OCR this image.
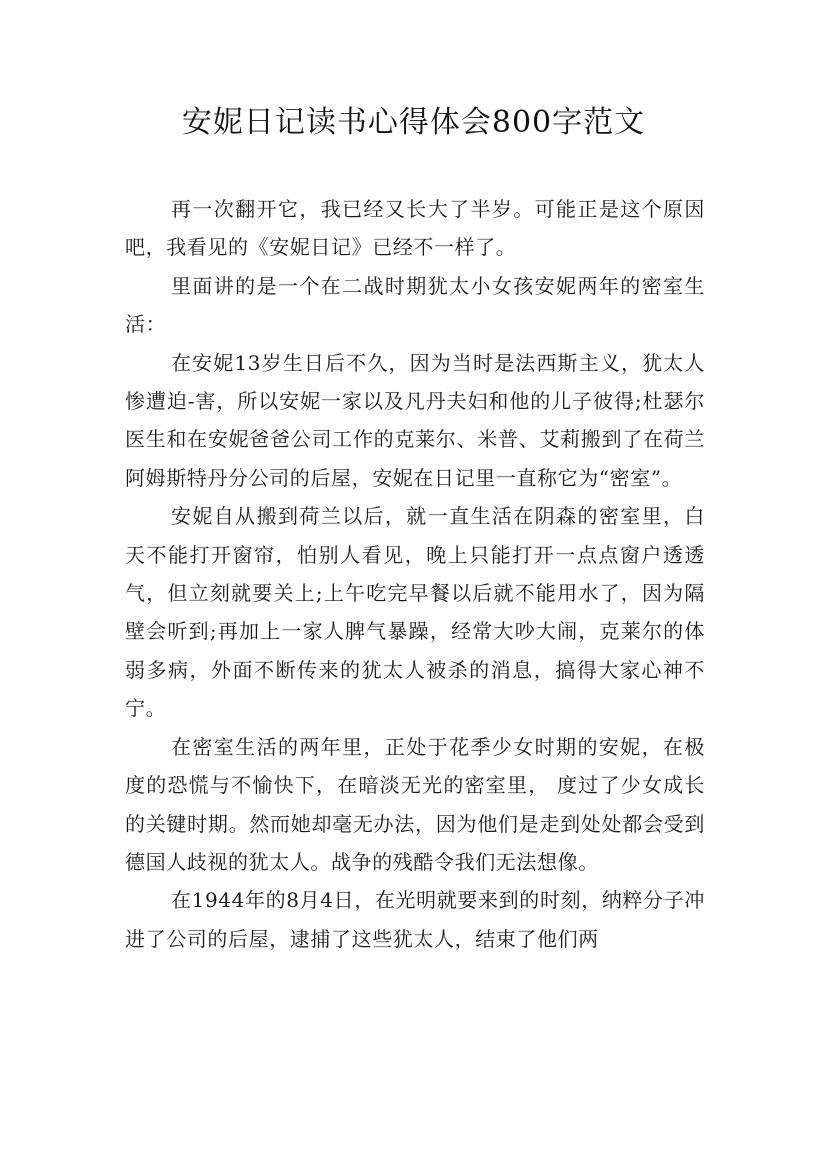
安妮日记读书心得体会800字范文

再一次翻开它，我已经又长大了半岁。可能正是这个原因吧，我看见的《安妮日记》已经不一样了。

里面讲的是一个在二战时期犹太小女孩安妮两年的密室生活：

在安妮13岁生日后不久，因为当时是法西斯主义，犹太人惨遭迫-害，所以安妮一家以及凡丹夫妇和他的儿子彼得;杜瑟尔医生和在安妮爸爸公司工作的克莱尔、米普、艾莉搬到了在荷兰阿姆斯特丹分公司的后屋，安妮在日记里一直称它为“密室”。

安妮自从搬到荷兰以后，就一直生活在阴森的密室里，白天不能打开窗帘，怕别人看见，晚上只能打开一点点窗户透透气，但立刻就要关上;上午吃完早餐以后就不能用水了，因为隔壁会听到;再加上一家人脾气暴躁，经常大吵大闹，克莱尔的体弱多病，外面不断传来的犹太人被杀的消息，搞得大家心神不宁。

在密室生活的两年里，正处于花季少女时期的安妮，在极度的恐慌与不愉快下，在暗淡无光的密室里， 度过了少女成长的关键时期。然而她却毫无办法，因为他们是走到处处都会受到德国人歧视的犹太人。战争的残酷令我们无法想像。

在1944年的8月4日，在光明就要来到的时刻，纳粹分子冲进了公司的后屋，逮捕了这些犹太人，结束了他们两
